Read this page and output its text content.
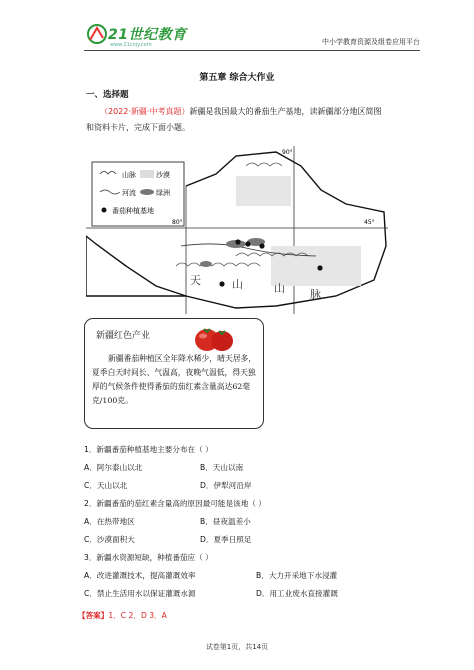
21世纪教育
www.21cnjy.com	中小学教育资源及组卷应用平台
第五章 综合大作业
一、选择题
（2022·新疆·中考真题）新疆是我国最大的番茄生产基地，读新疆部分地区简图和资料卡片，完成下面小题。
山脉	沙漠
河流	绿洲
番茄种植基地
90°
80°	45°
天	山	山 脉
新疆红色产业
新疆番茄种植区全年降水稀少，晴天居多，夏季白天时间长、气温高，夜晚气温低，得天独厚的气候条件使得番茄的茄红素含量高达62毫克/100克。
1．新疆番茄种植基地主要分布在（ ）
A．阿尔泰山以北	B．天山以南
C．天山以北	D．伊犁河沿岸
2．新疆番茄的茄红素含量高的原因最可能是该地（ ）
A．在热带地区	B．昼夜温差小
C．沙漠面积大	D．夏季日照足
3．新疆水资源短缺，种植番茄应（ ）
A．改进灌溉技术，提高灌溉效率	B．大力开采地下水浸灌
C．禁止生活用水以保证灌溉水源	D．用工业废水直接灌溉
【答案】1．C 2．D 3．A
试卷第1页，共14页
